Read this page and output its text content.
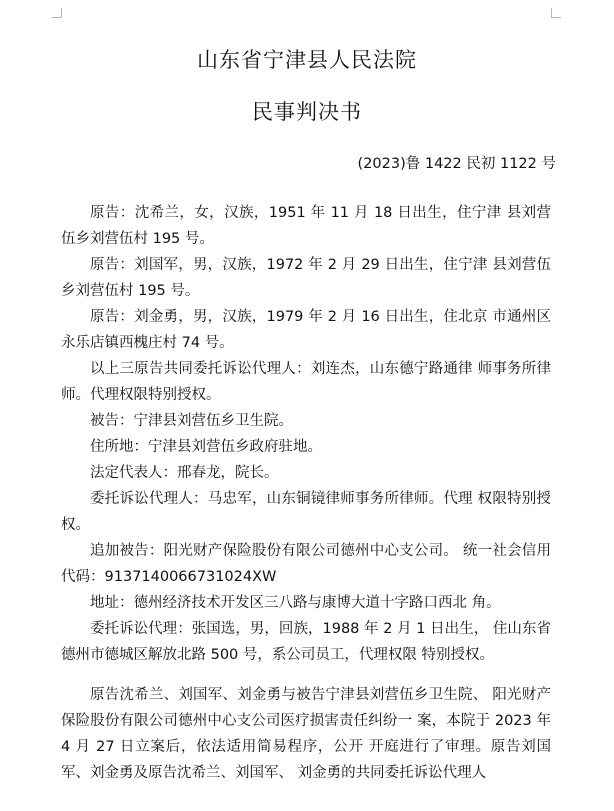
山东省宁津县人民法院
民事判决书
(2023)鲁 1422 民初 1122 号

原告：沈希兰，女，汉族，1951 年 11 月 18 日出生，住宁津 县刘营伍乡刘营伍村 195 号。

原告：刘国军，男，汉族，1972 年 2 月 29 日出生，住宁津 县刘营伍乡刘营伍村 195 号。

原告：刘金勇，男，汉族，1979 年 2 月 16 日出生，住北京 市通州区永乐店镇西槐庄村 74 号。

以上三原告共同委托诉讼代理人：刘连杰，山东德宁路通律 师事务所律师。代理权限特别授权。

被告：宁津县刘营伍乡卫生院。

住所地：宁津县刘营伍乡政府驻地。

法定代表人：邢春龙，院长。

委托诉讼代理人：马忠军，山东铜镜律师事务所律师。代理 权限特别授权。

追加被告：阳光财产保险股份有限公司德州中心支公司。 统一社会信用代码：9137140066731024XW

地址：德州经济技术开发区三八路与康博大道十字路口西北 角。

委托诉讼代理：张国选，男，回族，1988 年 2 月 1 日出生， 住山东省德州市德城区解放北路 500 号，系公司员工，代理权限 特别授权。

原告沈希兰、刘国军、刘金勇与被告宁津县刘营伍乡卫生院、 阳光财产保险股份有限公司德州中心支公司医疗损害责任纠纷一 案，本院于 2023 年 4 月 27 日立案后，依法适用简易程序，公开 开庭进行了审理。原告刘国军、刘金勇及原告沈希兰、刘国军、 刘金勇的共同委托诉讼代理人
